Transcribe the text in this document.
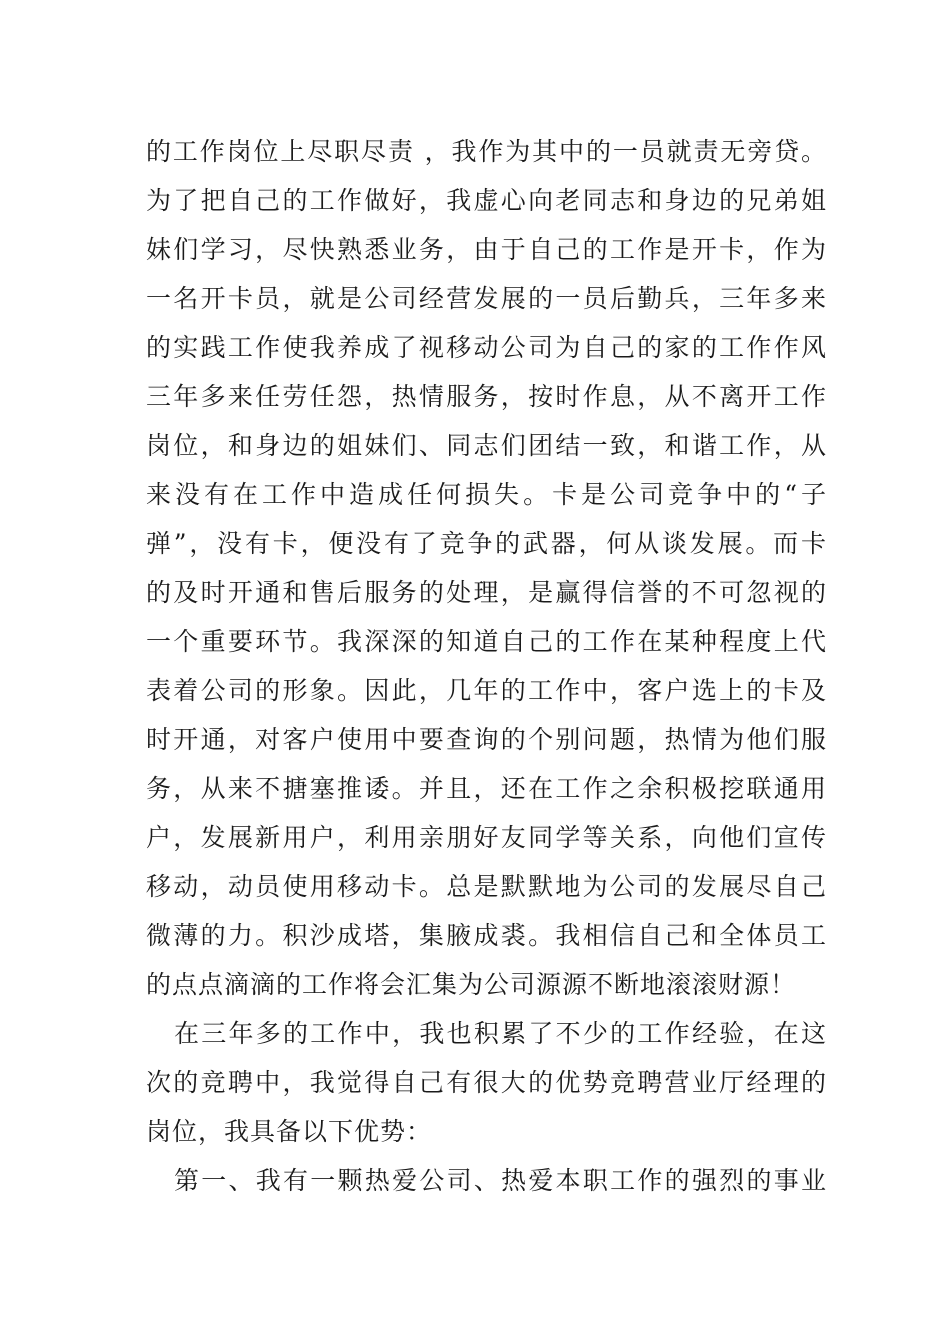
的工作岗位上尽职尽责 ，我作为其中的一员就责无旁贷。
为了把自己的工作做好，我虚心向老同志和身边的兄弟姐
妹们学习，尽快熟悉业务，由于自己的工作是开卡，作为
一名开卡员，就是公司经营发展的一员后勤兵，三年多来
的实践工作使我养成了视移动公司为自己的家的工作作风
三年多来任劳任怨，热情服务，按时作息，从不离开工作
岗位，和身边的姐妹们、同志们团结一致，和谐工作，从
来没有在工作中造成任何损失。卡是公司竞争中的“子
弹”，没有卡，便没有了竞争的武器，何从谈发展。而卡
的及时开通和售后服务的处理，是赢得信誉的不可忽视的
一个重要环节。我深深的知道自己的工作在某种程度上代
表着公司的形象。因此，几年的工作中，客户选上的卡及
时开通，对客户使用中要查询的个别问题，热情为他们服
务，从来不搪塞推诿。并且，还在工作之余积极挖联通用
户，发展新用户，利用亲朋好友同学等关系，向他们宣传
移动，动员使用移动卡。总是默默地为公司的发展尽自己
微薄的力。积沙成塔，集腋成裘。我相信自己和全体员工
的点点滴滴的工作将会汇集为公司源源不断地滚滚财源！
在三年多的工作中，我也积累了不少的工作经验，在这
次的竞聘中，我觉得自己有很大的优势竞聘营业厅经理的
岗位，我具备以下优势：
第一、我有一颗热爱公司、热爱本职工作的强烈的事业
